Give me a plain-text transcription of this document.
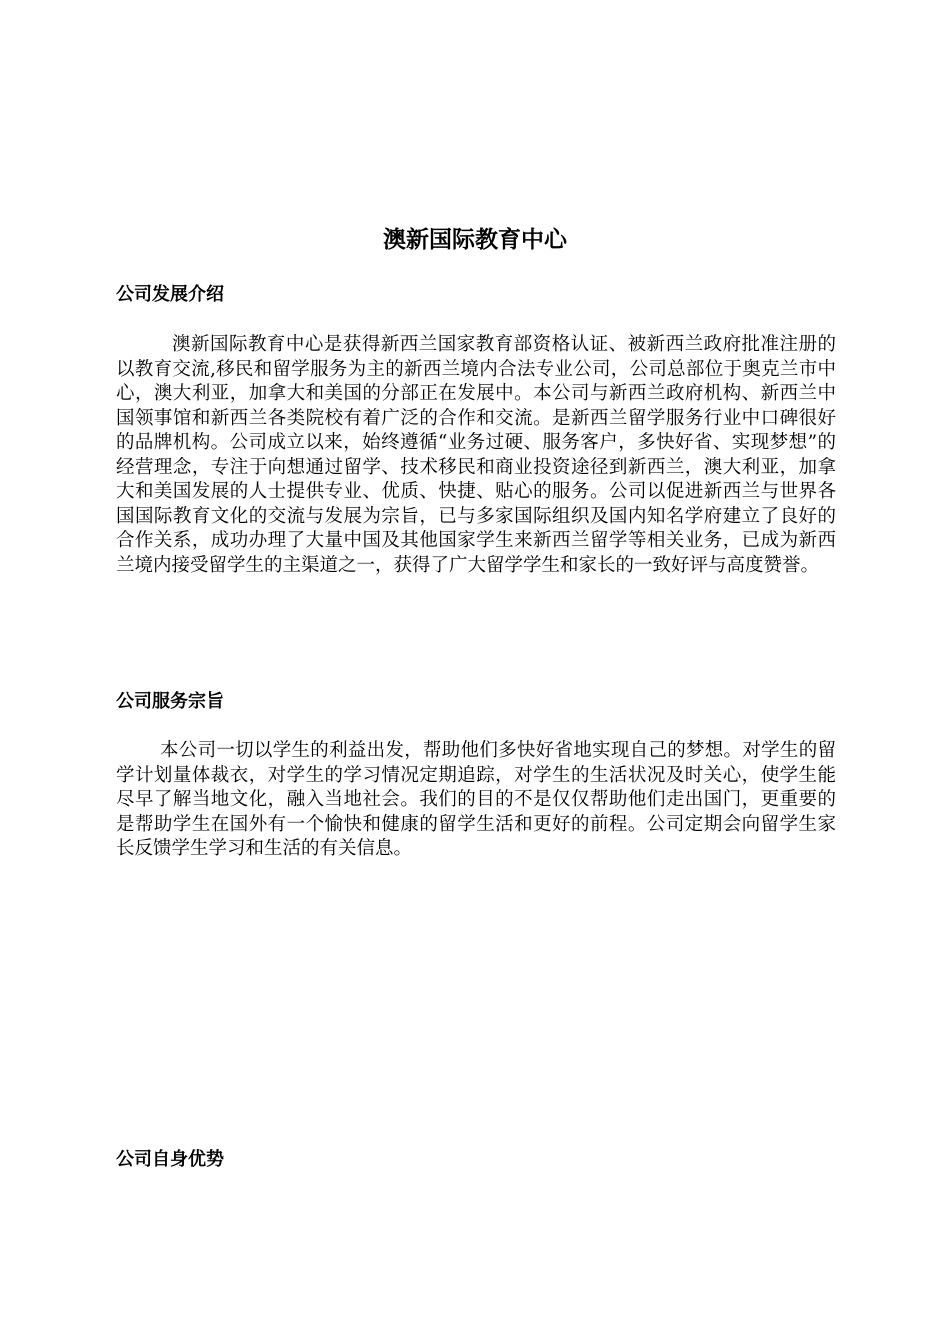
澳新国际教育中心
公司发展介绍

澳新国际教育中心是获得新西兰国家教育部资格认证、被新西兰政府批准注册的以教育交流,移民和留学服务为主的新西兰境内合法专业公司，公司总部位于奥克兰市中心，澳大利亚，加拿大和美国的分部正在发展中。本公司与新西兰政府机构、新西兰中国领事馆和新西兰各类院校有着广泛的合作和交流。是新西兰留学服务行业中口碑很好的品牌机构。公司成立以来，始终遵循“业务过硬、服务客户，多快好省、实现梦想”的经营理念，专注于向想通过留学、技术移民和商业投资途径到新西兰，澳大利亚，加拿大和美国发展的人士提供专业、优质、快捷、贴心的服务。公司以促进新西兰与世界各国国际教育文化的交流与发展为宗旨，已与多家国际组织及国内知名学府建立了良好的合作关系，成功办理了大量中国及其他国家学生来新西兰留学等相关业务，已成为新西兰境内接受留学生的主渠道之一，获得了广大留学学生和家长的一致好评与高度赞誉。

公司服务宗旨

本公司一切以学生的利益出发，帮助他们多快好省地实现自己的梦想。对学生的留学计划量体裁衣，对学生的学习情况定期追踪，对学生的生活状况及时关心，使学生能尽早了解当地文化，融入当地社会。我们的目的不是仅仅帮助他们走出国门，更重要的是帮助学生在国外有一个愉快和健康的留学生活和更好的前程。公司定期会向留学生家长反馈学生学习和生活的有关信息。

公司自身优势
